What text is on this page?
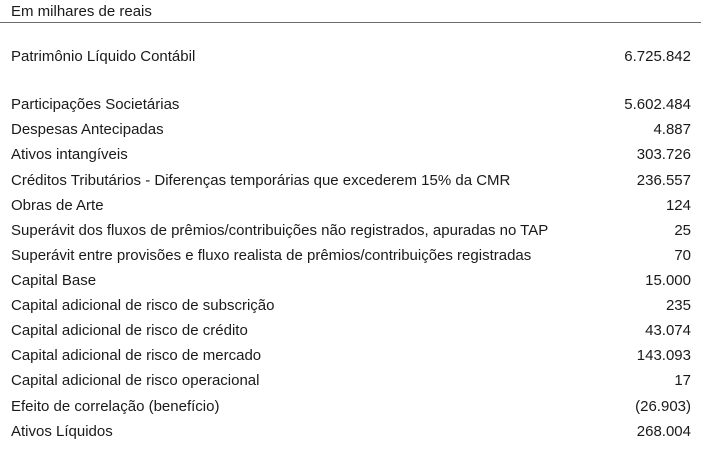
Em milhares de reais
Patrimônio Líquido Contábil	6.725.842
Participações Societárias	5.602.484
Despesas Antecipadas	4.887
Ativos intangíveis	303.726
Créditos Tributários - Diferenças temporárias que excederem 15% da CMR	236.557
Obras de Arte	124
Superávit dos fluxos de prêmios/contribuições não registrados, apuradas no TAP	25
Superávit entre provisões e fluxo realista de prêmios/contribuições registradas	70
Capital Base	15.000
Capital adicional de risco de subscrição	235
Capital adicional de risco de crédito	43.074
Capital adicional de risco de mercado	143.093
Capital adicional de risco operacional	17
Efeito de correlação (benefício)	(26.903)
Ativos Líquidos	268.004
